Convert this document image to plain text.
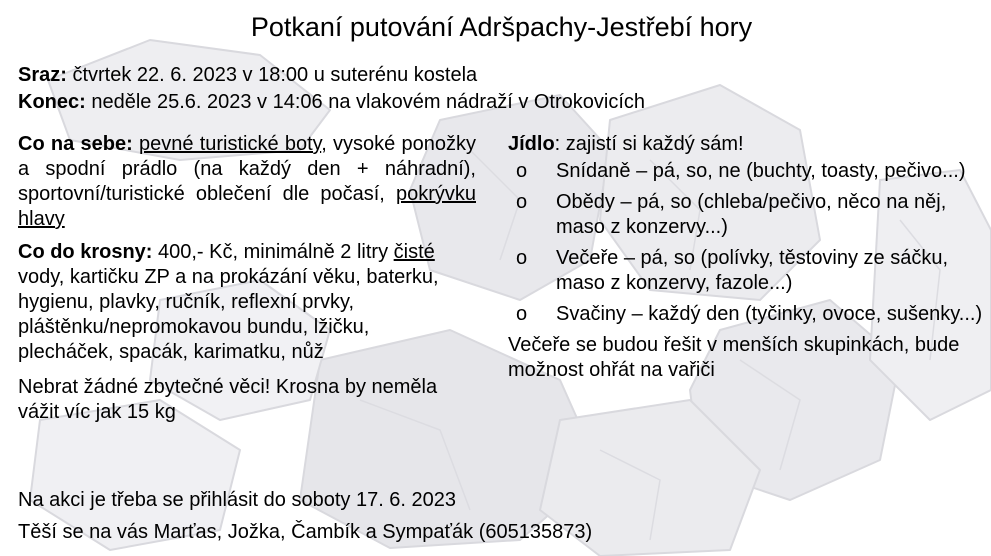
Potkaní putování Adršpachy-Jestřebí hory
Sraz: čtvrtek 22. 6. 2023 v 18:00 u suterénu kostela
Konec: neděle 25.6. 2023 v 14:06 na vlakovém nádraží v Otrokovicích

Co na sebe: pevné turistické boty, vysoké ponožky a spodní prádlo (na každý den + náhradní), sportovní/turistické oblečení dle počasí, pokrývku hlavy

Co do krosny: 400,- Kč, minimálně 2 litry čisté vody, kartičku ZP a na prokázání věku, baterku, hygienu, plavky, ručník, reflexní prvky, pláštěnku/nepromokavou bundu, lžičku, plecháček, spacák, karimatku, nůž

Nebrat žádné zbytečné věci! Krosna by neměla vážit víc jak 15 kg

Jídlo: zajistí si každý sám!

o Snídaně – pá, so, ne (buchty, toasty, pečivo...)
o Obědy – pá, so (chleba/pečivo, něco na něj, maso z konzervy...)
o Večeře – pá, so (polívky, těstoviny ze sáčku, maso z konzervy, fazole...)
o Svačiny – každý den (tyčinky, ovoce, sušenky...)

Večeře se budou řešit v menších skupinkách, bude možnost ohřát na vařiči

Na akci je třeba se přihlásit do soboty 17. 6. 2023
Těší se na vás Marťas, Jožka, Čambík a Sympaťák (605135873)
